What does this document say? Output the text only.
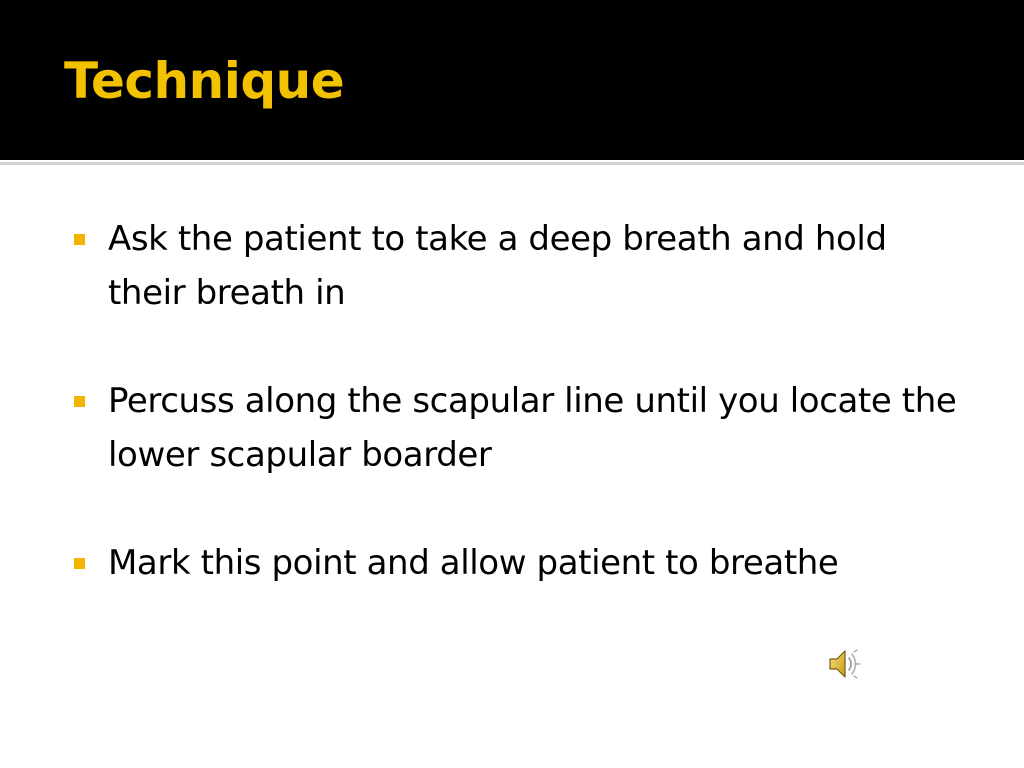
Technique
Ask the patient to take a deep breath and hold their breath in
Percuss along the scapular line until you locate the lower scapular boarder
Mark this point and allow patient to breathe
